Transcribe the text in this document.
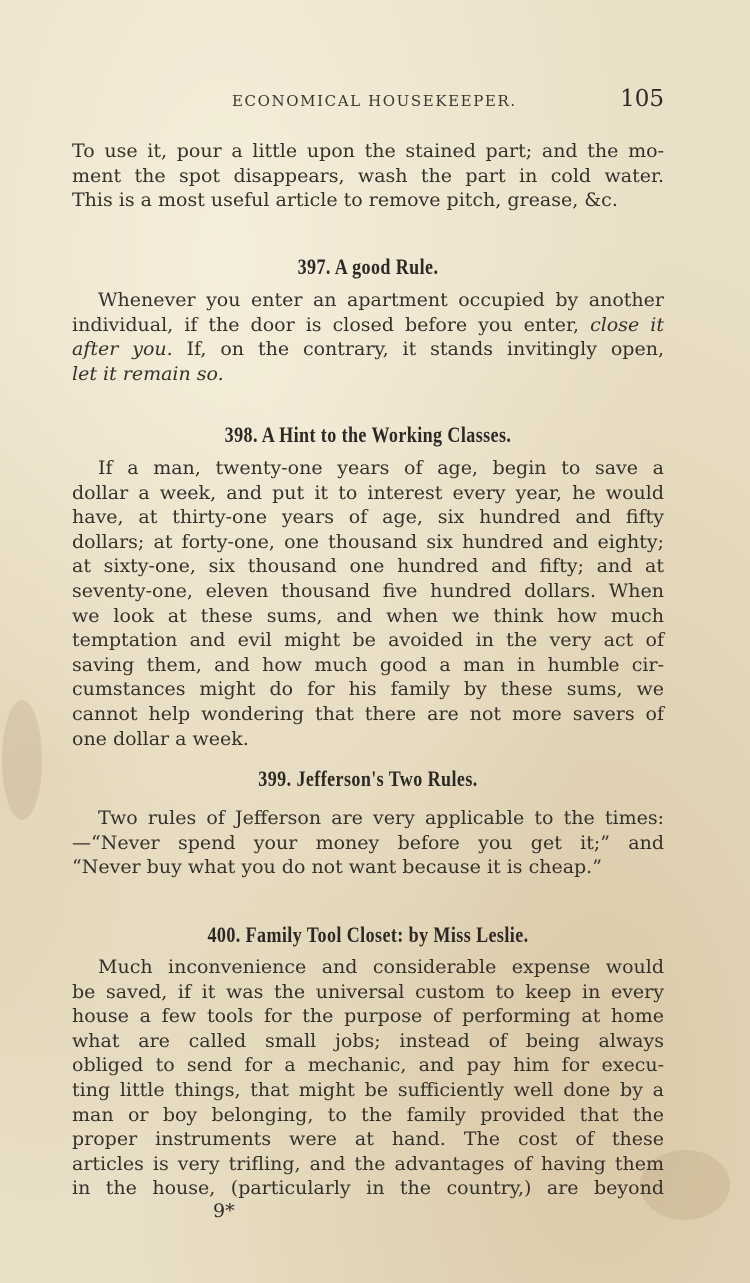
ECONOMICAL HOUSEKEEPER.	105
To use it, pour a little upon the stained part; and the mo-
ment the spot disappears, wash the part in cold water.
This is a most useful article to remove pitch, grease, &c.
397. A good Rule.
Whenever you enter an apartment occupied by another
individual, if the door is closed before you enter, close it
after you. If, on the contrary, it stands invitingly open,
let it remain so.
398. A Hint to the Working Classes.
If a man, twenty-one years of age, begin to save a
dollar a week, and put it to interest every year, he would
have, at thirty-one years of age, six hundred and fifty
dollars; at forty-one, one thousand six hundred and eighty;
at sixty-one, six thousand one hundred and fifty; and at
seventy-one, eleven thousand five hundred dollars. When
we look at these sums, and when we think how much
temptation and evil might be avoided in the very act of
saving them, and how much good a man in humble cir-
cumstances might do for his family by these sums, we
cannot help wondering that there are not more savers of
one dollar a week.
399. Jefferson's Two Rules.
Two rules of Jefferson are very applicable to the times:
—“Never spend your money before you get it;” and
“Never buy what you do not want because it is cheap.”
400. Family Tool Closet: by Miss Leslie.
Much inconvenience and considerable expense would
be saved, if it was the universal custom to keep in every
house a few tools for the purpose of performing at home
what are called small jobs; instead of being always
obliged to send for a mechanic, and pay him for execu-
ting little things, that might be sufficiently well done by a
man or boy belonging, to the family provided that the
proper instruments were at hand. The cost of these
articles is very trifling, and the advantages of having them
in the house, (particularly in the country,) are beyond
9*
